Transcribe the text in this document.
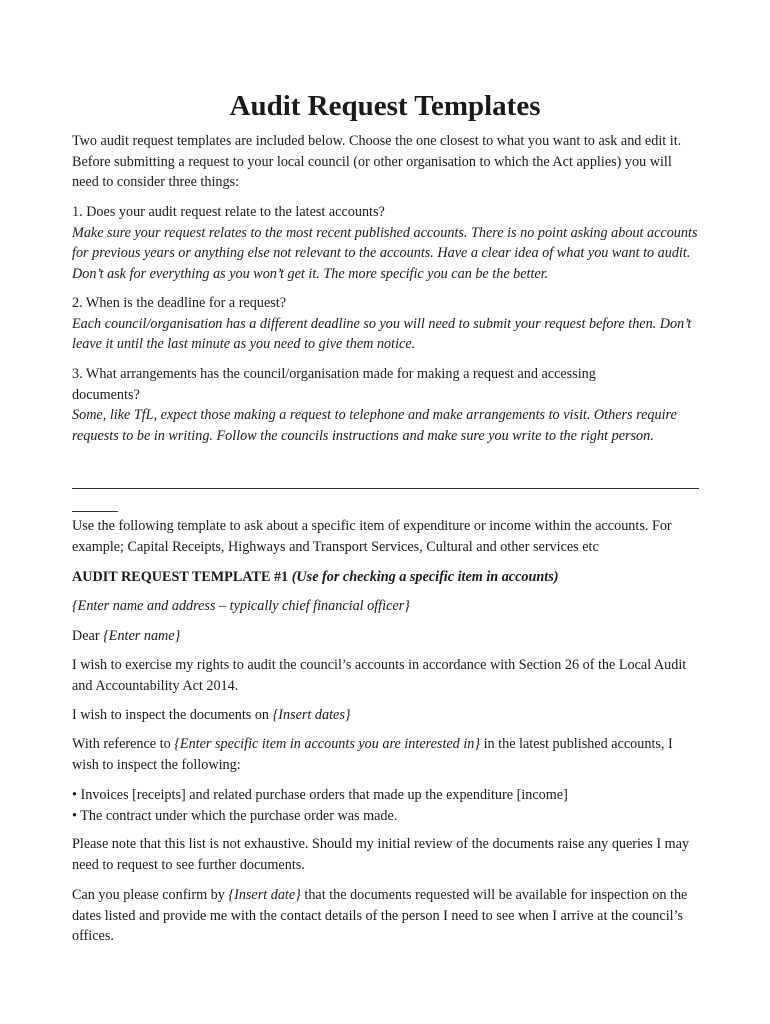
Audit Request Templates

Two audit request templates are included below. Choose the one closest to what you want to ask and edit it. Before submitting a request to your local council (or other organisation to which the Act applies) you will need to consider three things:

1. Does your audit request relate to the latest accounts?

Make sure your request relates to the most recent published accounts. There is no point asking about accounts for previous years or anything else not relevant to the accounts. Have a clear idea of what you want to audit. Don’t ask for everything as you won’t get it. The more specific you can be the better.

2. When is the deadline for a request?

Each council/organisation has a different deadline so you will need to submit your request before then. Don’t leave it until the last minute as you need to give them notice.

3. What arrangements has the council/organisation made for making a request and accessing documents?

Some, like TfL, expect those making a request to telephone and make arrangements to visit. Others require requests to be in writing. Follow the councils instructions and make sure you write to the right person.

Use the following template to ask about a specific item of expenditure or income within the accounts. For example; Capital Receipts, Highways and Transport Services, Cultural and other services etc

AUDIT REQUEST TEMPLATE #1 (Use for checking a specific item in accounts)

{Enter name and address – typically chief financial officer}

Dear {Enter name}

I wish to exercise my rights to audit the council’s accounts in accordance with Section 26 of the Local Audit and Accountability Act 2014.

I wish to inspect the documents on {Insert dates}

With reference to {Enter specific item in accounts you are interested in} in the latest published accounts, I wish to inspect the following:

• Invoices [receipts] and related purchase orders that made up the expenditure [income]

• The contract under which the purchase order was made.

Please note that this list is not exhaustive. Should my initial review of the documents raise any queries I may need to request to see further documents.

Can you please confirm by {Insert date} that the documents requested will be available for inspection on the dates listed and provide me with the contact details of the person I need to see when I arrive at the council’s offices.
